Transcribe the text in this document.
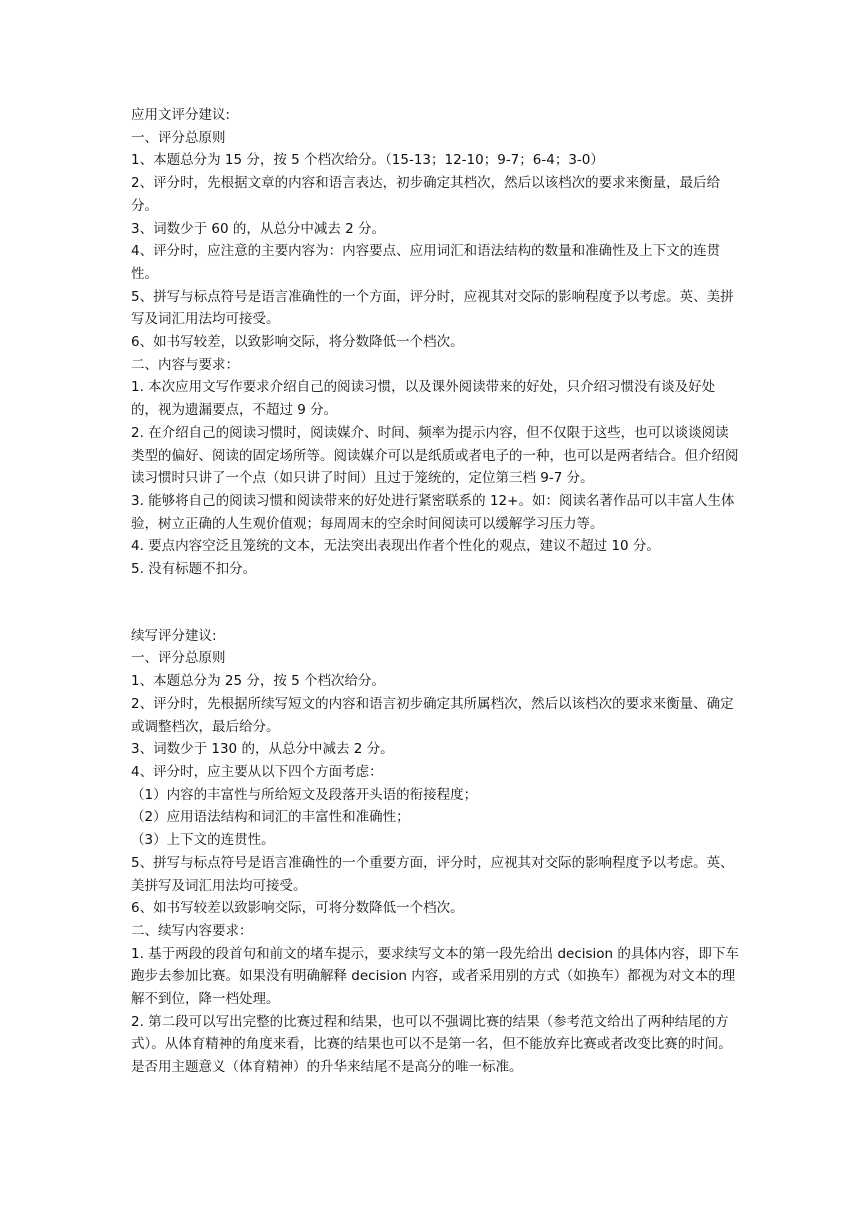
应用文评分建议:
一、评分总原则
1、本题总分为 15 分，按 5 个档次给分。（15-13；12-10；9-7；6-4；3-0）
2、评分时，先根据文章的内容和语言表达，初步确定其档次，然后以该档次的要求来衡量，最后给分。
3、词数少于 60 的，从总分中减去 2 分。
4、评分时，应注意的主要内容为：内容要点、应用词汇和语法结构的数量和准确性及上下文的连贯性。
5、拼写与标点符号是语言准确性的一个方面，评分时，应视其对交际的影响程度予以考虑。英、美拼写及词汇用法均可接受。
6、如书写较差，以致影响交际，将分数降低一个档次。
二、内容与要求：
1. 本次应用文写作要求介绍自己的阅读习惯，以及课外阅读带来的好处，只介绍习惯没有谈及好处的，视为遗漏要点，不超过 9 分。
2. 在介绍自己的阅读习惯时，阅读媒介、时间、频率为提示内容，但不仅限于这些，也可以谈谈阅读类型的偏好、阅读的固定场所等。阅读媒介可以是纸质或者电子的一种，也可以是两者结合。但介绍阅读习惯时只讲了一个点（如只讲了时间）且过于笼统的，定位第三档 9-7 分。
3. 能够将自己的阅读习惯和阅读带来的好处进行紧密联系的 12+。如：阅读名著作品可以丰富人生体验，树立正确的人生观价值观；每周周末的空余时间阅读可以缓解学习压力等。
4. 要点内容空泛且笼统的文本，无法突出表现出作者个性化的观点，建议不超过 10 分。
5. 没有标题不扣分。
续写评分建议:
一、评分总原则
1、本题总分为 25 分，按 5 个档次给分。
2、评分时，先根据所续写短文的内容和语言初步确定其所属档次，然后以该档次的要求来衡量、确定或调整档次，最后给分。
3、词数少于 130 的，从总分中减去 2 分。
4、评分时，应主要从以下四个方面考虑：
（1）内容的丰富性与所给短文及段落开头语的衔接程度；
（2）应用语法结构和词汇的丰富性和准确性；
（3）上下文的连贯性。
5、拼写与标点符号是语言准确性的一个重要方面，评分时，应视其对交际的影响程度予以考虑。英、美拼写及词汇用法均可接受。
6、如书写较差以致影响交际，可将分数降低一个档次。
二、续写内容要求：
1. 基于两段的段首句和前文的堵车提示，要求续写文本的第一段先给出 decision 的具体内容，即下车跑步去参加比赛。如果没有明确解释 decision 内容，或者采用别的方式（如换车）都视为对文本的理解不到位，降一档处理。
2. 第二段可以写出完整的比赛过程和结果，也可以不强调比赛的结果（参考范文给出了两种结尾的方式）。从体育精神的角度来看，比赛的结果也可以不是第一名，但不能放弃比赛或者改变比赛的时间。是否用主题意义（体育精神）的升华来结尾不是高分的唯一标准。
